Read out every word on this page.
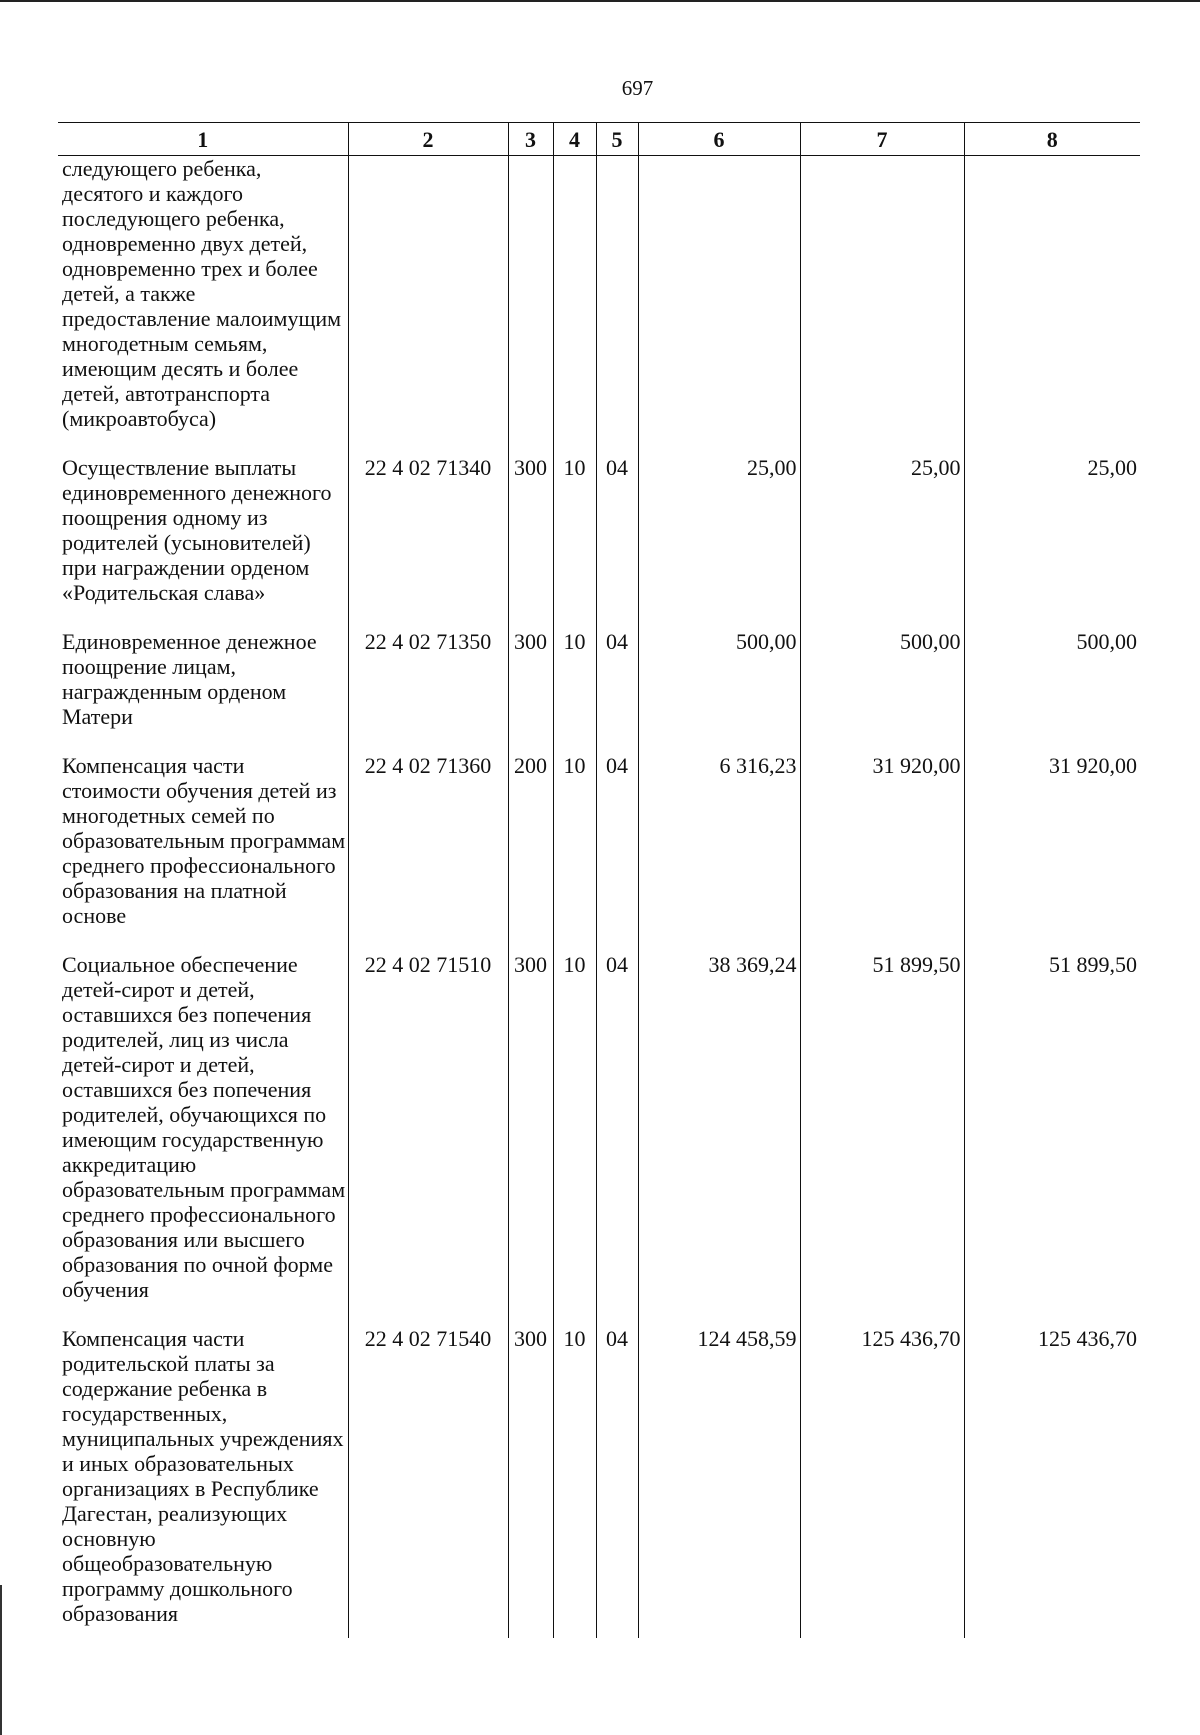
697
1	2	3	4	5	6	7	8

следующего ребенка, десятого и каждого последующего ребенка, одновременно двух детей, одновременно трех и более детей, а также предоставление малоимущим многодетным семьям, имеющим десять и более детей, автотранспорта (микроавтобуса)							

Осуществление выплаты единовременного денежного поощрения одному из родителей (усыновителей) при награждении орденом «Родительская слава»	22 4 02 71340	300	10	04	25,00	25,00	25,00

Единовременное денежное поощрение лицам, награжденным орденом Матери	22 4 02 71350	300	10	04	500,00	500,00	500,00

Компенсация части стоимости обучения детей из многодетных семей по образовательным программам среднего профессионального образования на платной основе	22 4 02 71360	200	10	04	6 316,23	31 920,00	31 920,00

Социальное обеспечение детей-сирот и детей, оставшихся без попечения родителей, лиц из числа детей-сирот и детей, оставшихся без попечения родителей, обучающихся по имеющим государственную аккредитацию образовательным программам среднего профессионального образования или высшего образования по очной форме обучения	22 4 02 71510	300	10	04	38 369,24	51 899,50	51 899,50

Компенсация части родительской платы за содержание ребенка в государственных, муниципальных учреждениях и иных образовательных организациях в Республике Дагестан, реализующих основную общеобразовательную программу дошкольного образования	22 4 02 71540	300	10	04	124 458,59	125 436,70	125 436,70
